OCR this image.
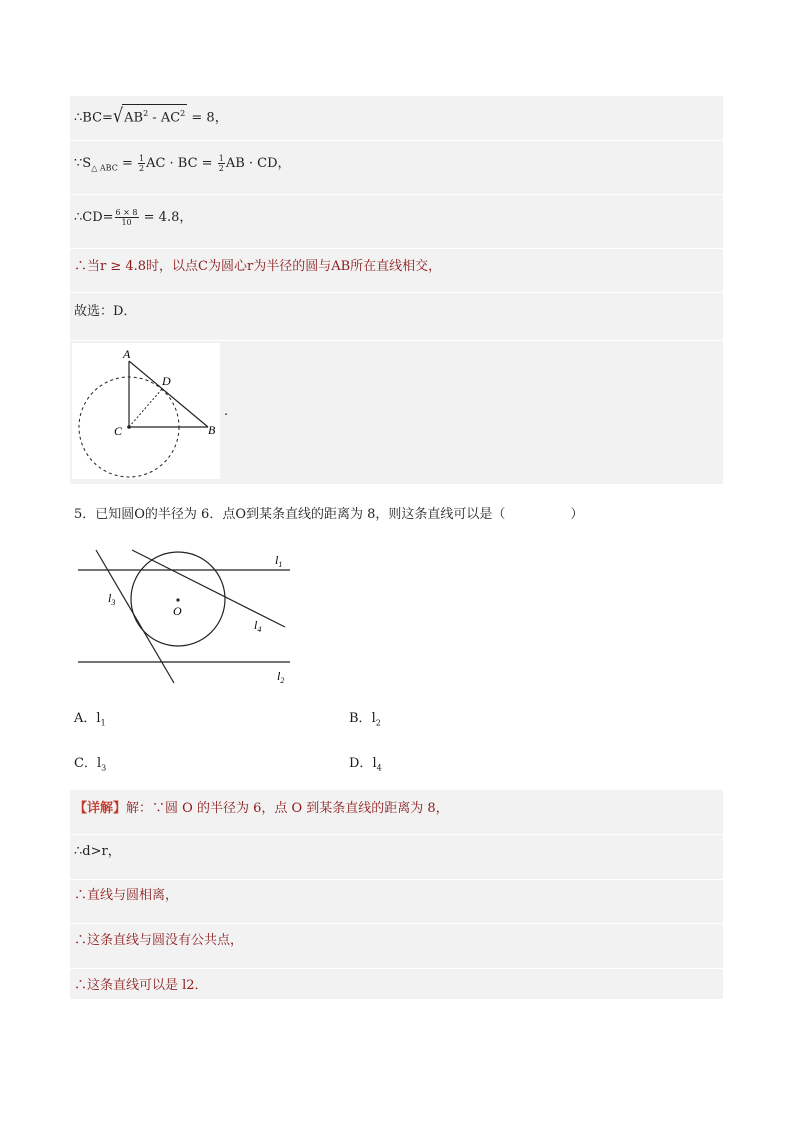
$\therefore BC=√AB^2 - AC^2 = 8$，
$\because S_{\triangle ABC} = \frac{1}{2}$ AC · BC = $\frac{1}{2}$ AB · CD，
∴CD= $\frac{6 \times 8}{10} = 4.8$，
∴当r ≥ 4.8时，以点C为圆心r为半径的圆与AB所在直线相交，
故选：D．
A
D
C	B
.
5．已知圆O的半径为 6．点O到某条直线的距离为 8，则这条直线可以是（　　　　　）
O
$l_1$
$l_2$
$l_3$
$l_4$
A．$l_1$	B．$l_2$
C．$l_3$	D．$l_4$
【详解】解：∵圆 O 的半径为 6，点 O 到某条直线的距离为 8，
∴d>r，
∴直线与圆相离，
∴这条直线与圆没有公共点，
∴这条直线可以是 l2．
